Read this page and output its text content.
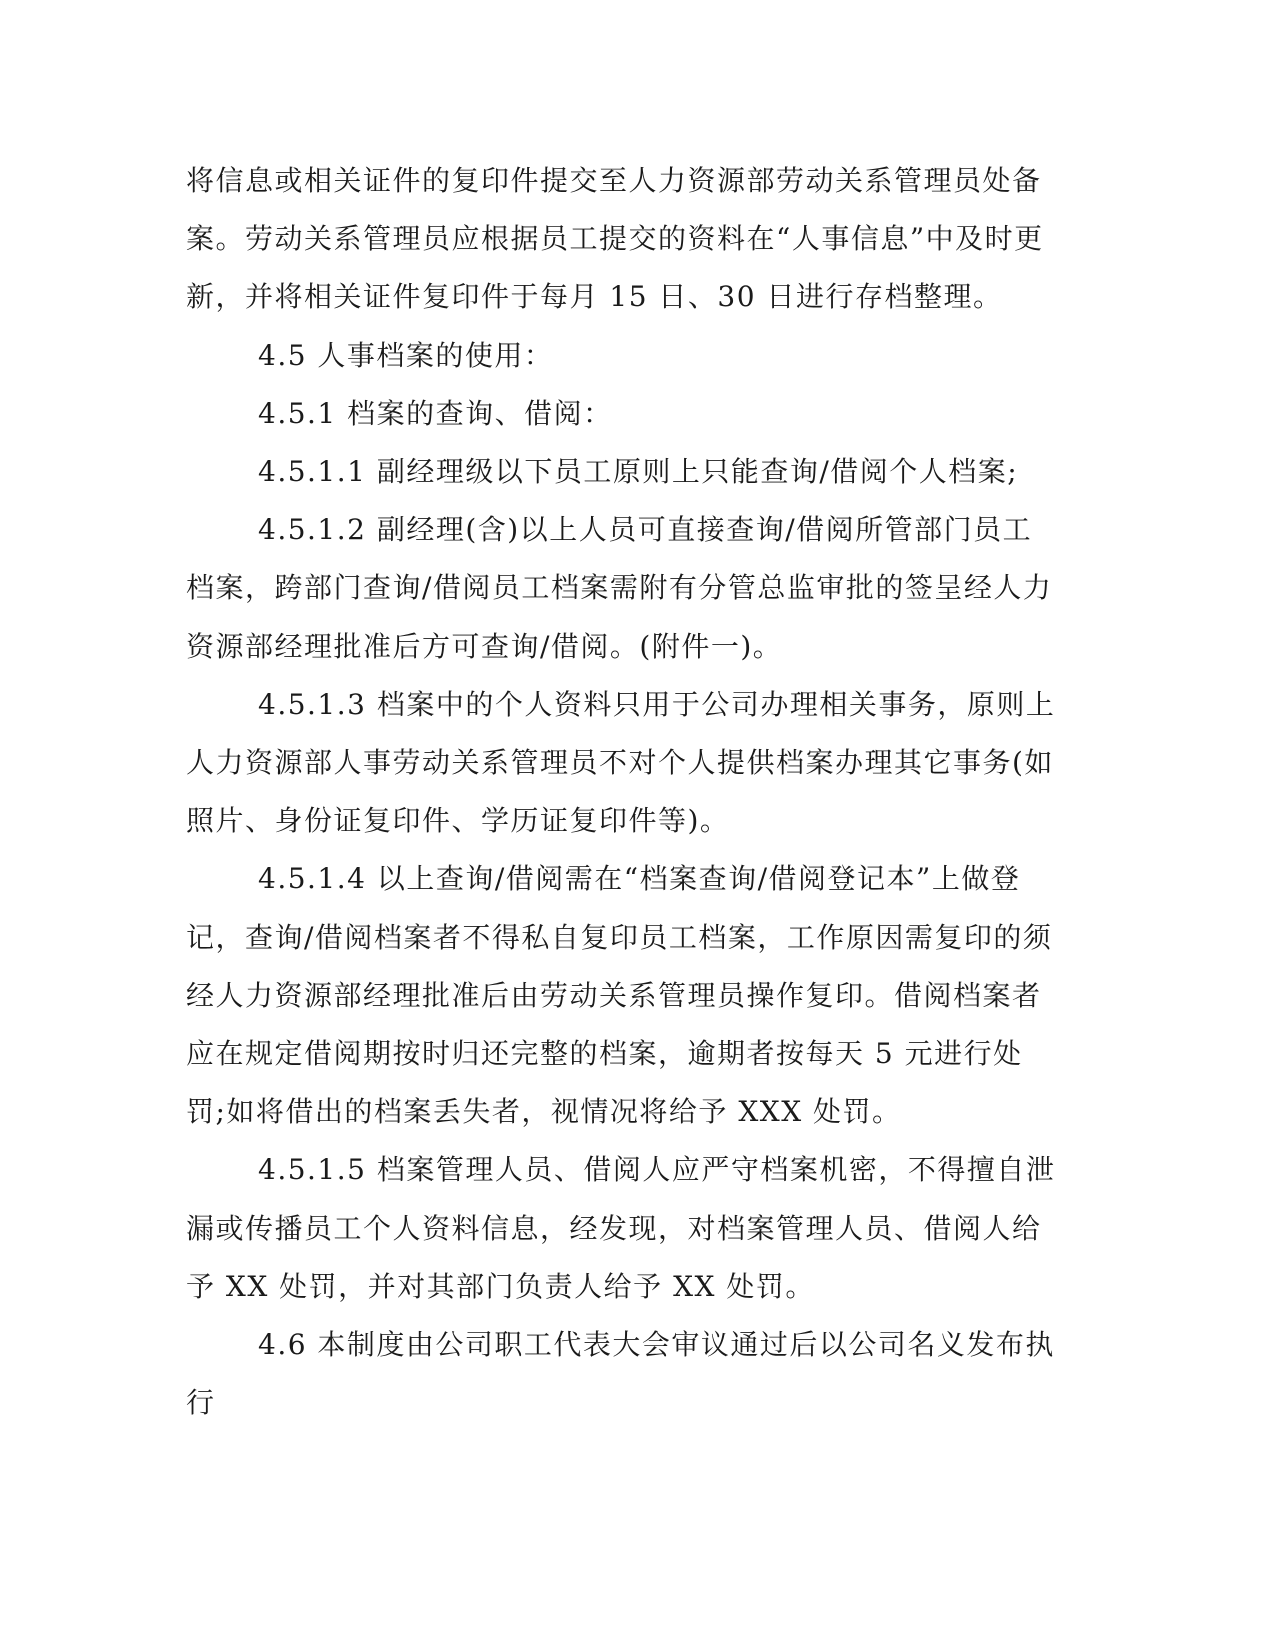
将信息或相关证件的复印件提交至人力资源部劳动关系管理员处备案。劳动关系管理员应根据员工提交的资料在“人事信息”中及时更新，并将相关证件复印件于每月 15 日、30 日进行存档整理。

4.5 人事档案的使用：

4.5.1 档案的查询、借阅：

4.5.1.1 副经理级以下员工原则上只能查询/借阅个人档案;

4.5.1.2 副经理(含)以上人员可直接查询/借阅所管部门员工档案，跨部门查询/借阅员工档案需附有分管总监审批的签呈经人力资源部经理批准后方可查询/借阅。(附件一)。

4.5.1.3 档案中的个人资料只用于公司办理相关事务，原则上人力资源部人事劳动关系管理员不对个人提供档案办理其它事务(如照片、身份证复印件、学历证复印件等)。

4.5.1.4 以上查询/借阅需在“档案查询/借阅登记本”上做登记，查询/借阅档案者不得私自复印员工档案，工作原因需复印的须经人力资源部经理批准后由劳动关系管理员操作复印。借阅档案者应在规定借阅期按时归还完整的档案，逾期者按每天 5 元进行处罚;如将借出的档案丢失者，视情况将给予 XXX 处罚。

4.5.1.5 档案管理人员、借阅人应严守档案机密，不得擅自泄漏或传播员工个人资料信息，经发现，对档案管理人员、借阅人给予 XX 处罚，并对其部门负责人给予 XX 处罚。

4.6 本制度由公司职工代表大会审议通过后以公司名义发布执行
